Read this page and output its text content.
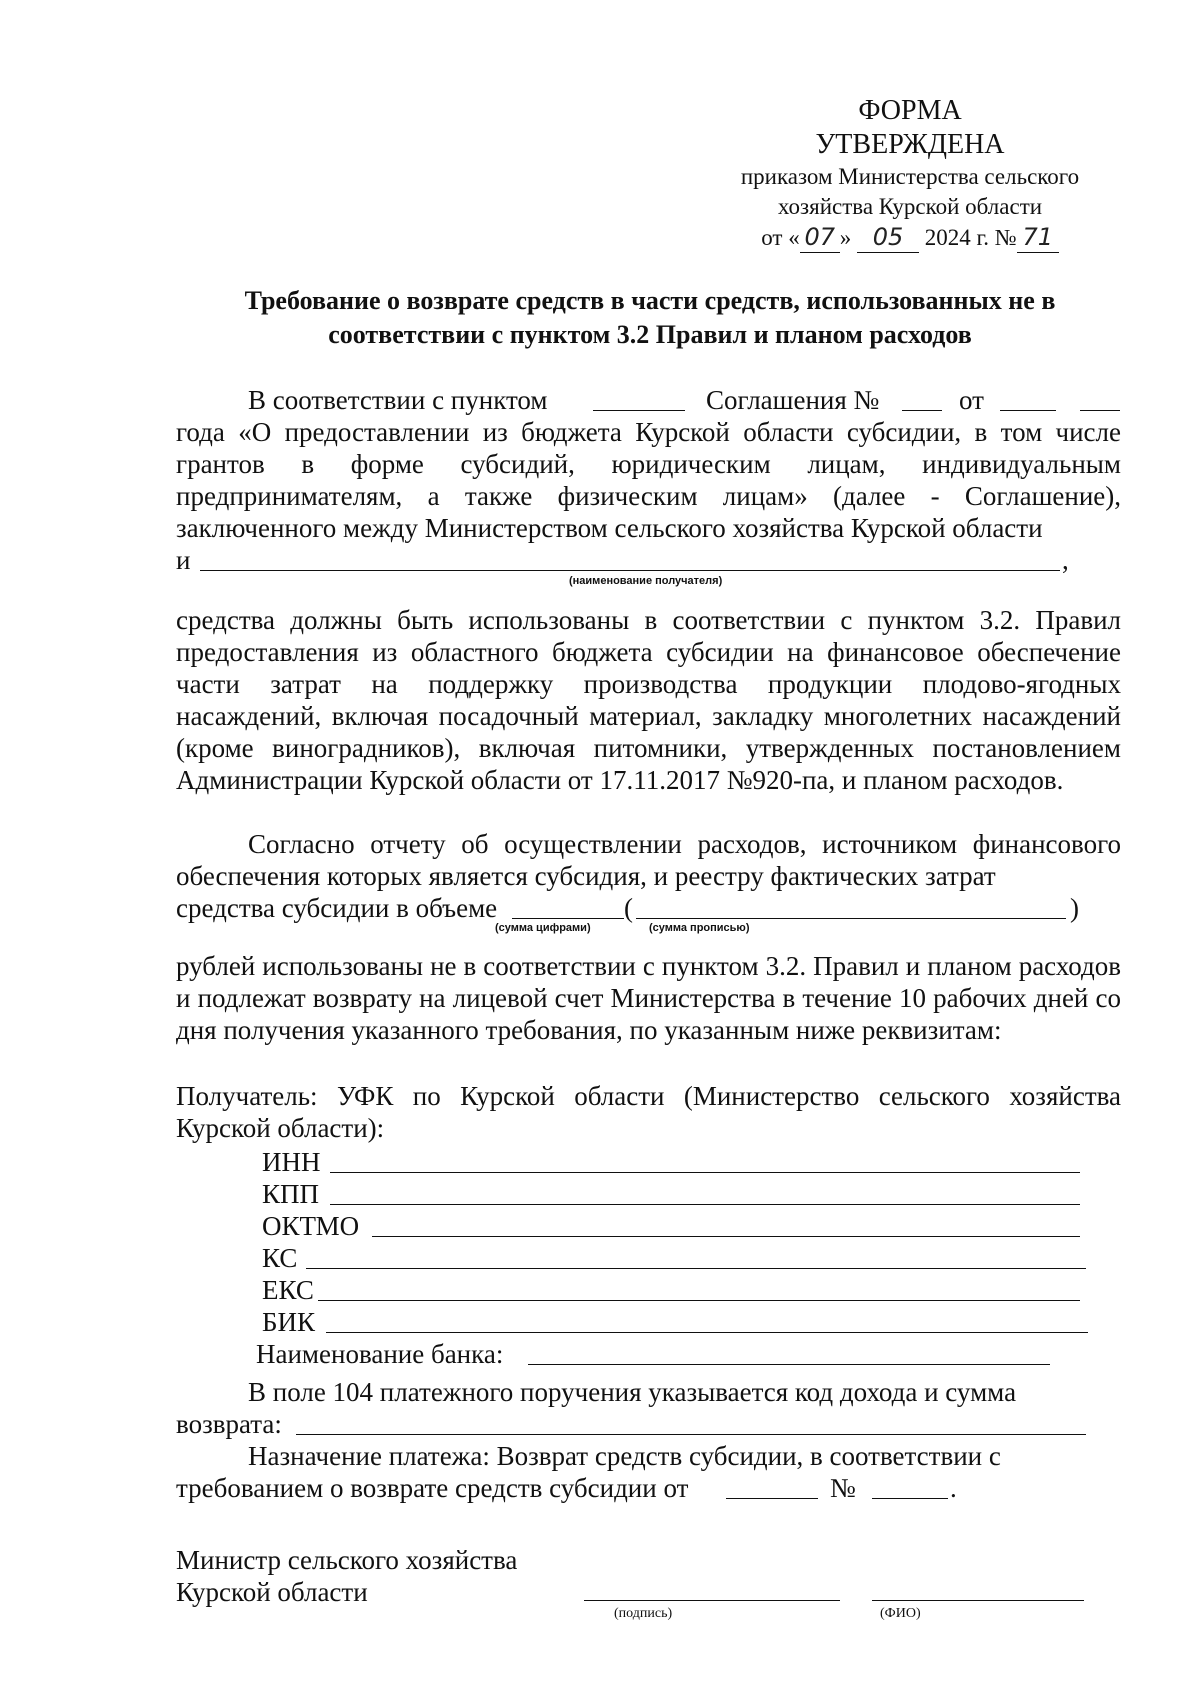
ФОРМА
УТВЕРЖДЕНА
приказом Министерства сельского
хозяйства Курской области
от « 07 » 05 2024 г. № 71
Требование о возврате средств в части средств, использованных не в
соответствии с пунктом 3.2 Правил и планом расходов
В соответствии с пунктом	Соглашения №	от
года «О предоставлении из бюджета Курской области субсидии, в том числе грантов в форме субсидий, юридическим лицам, индивидуальным предпринимателям, а также физическим лицам» (далее - Соглашение), заключенного между Министерством сельского хозяйства Курской области
и	,
(наименование получателя)
средства должны быть использованы в соответствии с пунктом 3.2. Правил предоставления из областного бюджета субсидии на финансовое обеспечение части затрат на поддержку производства продукции плодово-ягодных насаждений, включая посадочный материал, закладку многолетних насаждений (кроме виноградников), включая питомники, утвержденных постановлением Администрации Курской области от 17.11.2017 №920-па, и планом расходов.
Согласно отчету об осуществлении расходов, источником финансового обеспечения которых является субсидия, и реестру фактических затрат
средства субсидии в объеме	(	)
(сумма цифрами)	(сумма прописью)
рублей использованы не в соответствии с пунктом 3.2. Правил и планом расходов и подлежат возврату на лицевой счет Министерства в течение 10 рабочих дней со дня получения указанного требования, по указанным ниже реквизитам:
Получатель: УФК по Курской области (Министерство сельского хозяйства Курской области):
ИНН
КПП
ОКТМО
КС
ЕКС
БИК
Наименование банка:
В поле 104 платежного поручения указывается код дохода и сумма
возврата:
Назначение платежа: Возврат средств субсидии, в соответствии с
требованием о возврате средств субсидии от	№	.
Министр сельского хозяйства
Курской области
(подпись)	(ФИО)
